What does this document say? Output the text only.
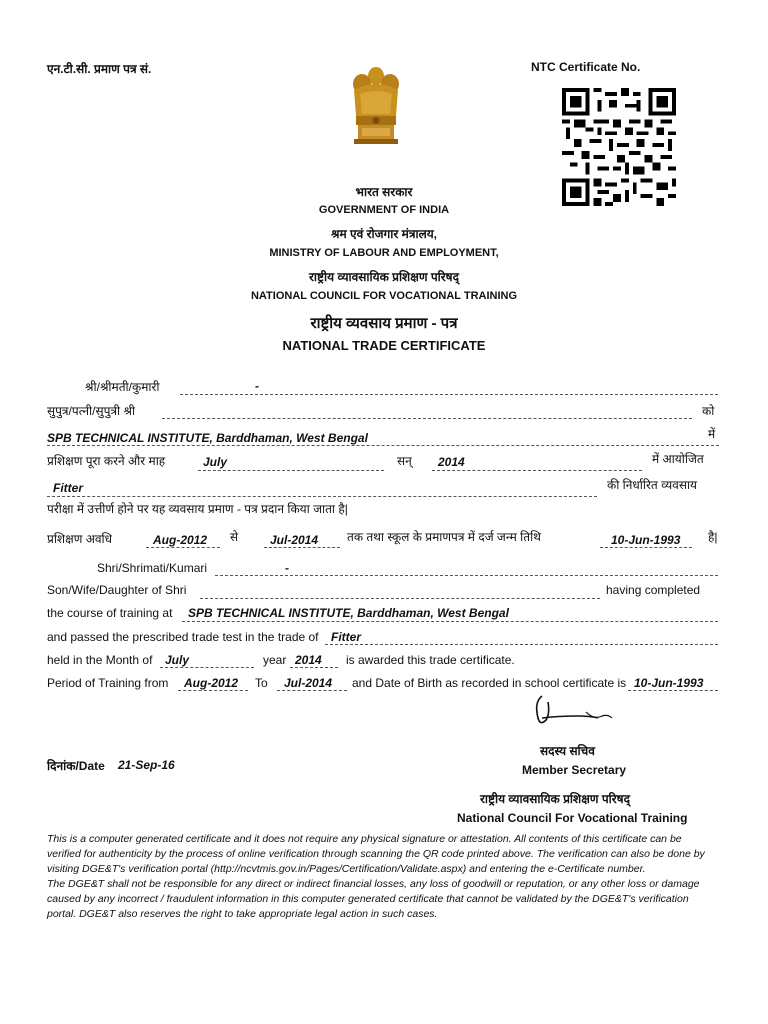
एन.टी.सी. प्रमाण पत्र सं.	NTC Certificate No.
भारत सरकार
GOVERNMENT OF INDIA
श्रम एवं रोजगार मंत्रालय,
MINISTRY OF LABOUR AND EMPLOYMENT,
राष्ट्रीय व्यावसायिक प्रशिक्षण परिषद्
NATIONAL COUNCIL FOR VOCATIONAL TRAINING
राष्ट्रीय व्यवसाय प्रमाण - पत्र
NATIONAL TRADE CERTIFICATE
श्री/श्रीमती/कुमारी	-
सुपुत्र/पत्नी/सुपुत्री श्री	को
SPB TECHNICAL INSTITUTE, Barddhaman, West Bengal	में
प्रशिक्षण पूरा करने और माह	July	सन् 2014	में आयोजित
Fitter	की निर्धारित व्यवसाय
परीक्षा में उत्तीर्ण होने पर यह व्यवसाय प्रमाण - पत्र प्रदान किया जाता है|
प्रशिक्षण अवधि	Aug-2012 से	Jul-2014 तक तथा स्कूल के प्रमाणपत्र में दर्ज जन्म तिथि	10-Jun-1993 है|
Shri/Shrimati/Kumari	-
Son/Wife/Daughter of Shri	having completed
the course of training at SPB TECHNICAL INSTITUTE, Barddhaman, West Bengal
and passed the prescribed trade test in the trade of Fitter
held in the Month of July	year 2014 is awarded this trade certificate.
Period of Training from Aug-2012 To Jul-2014 and Date of Birth as recorded in school certificate is 10-Jun-1993
सदस्य सचिव
Member Secretary
दिनांक/Date 21-Sep-16
राष्ट्रीय व्यावसायिक प्रशिक्षण परिषद्
National Council For Vocational Training
This is a computer generated certificate and it does not require any physical signature or attestation. All contents of this certificate can be
verified for authenticity by the process of online verification through scanning the QR code printed above. The verification can also be done by
visiting DGE&T's verification portal (http://ncvtmis.gov.in/Pages/Certification/Validate.aspx) and entering the e-Certificate number.
The DGE&T shall not be responsible for any direct or indirect financial losses, any loss of goodwill or reputation, or any other loss or damage
caused by any incorrect / fraudulent information in this computer generated certificate that cannot be validated by the DGE&T's verification
portal. DGE&T also reserves the right to take appropriate legal action in such cases.
